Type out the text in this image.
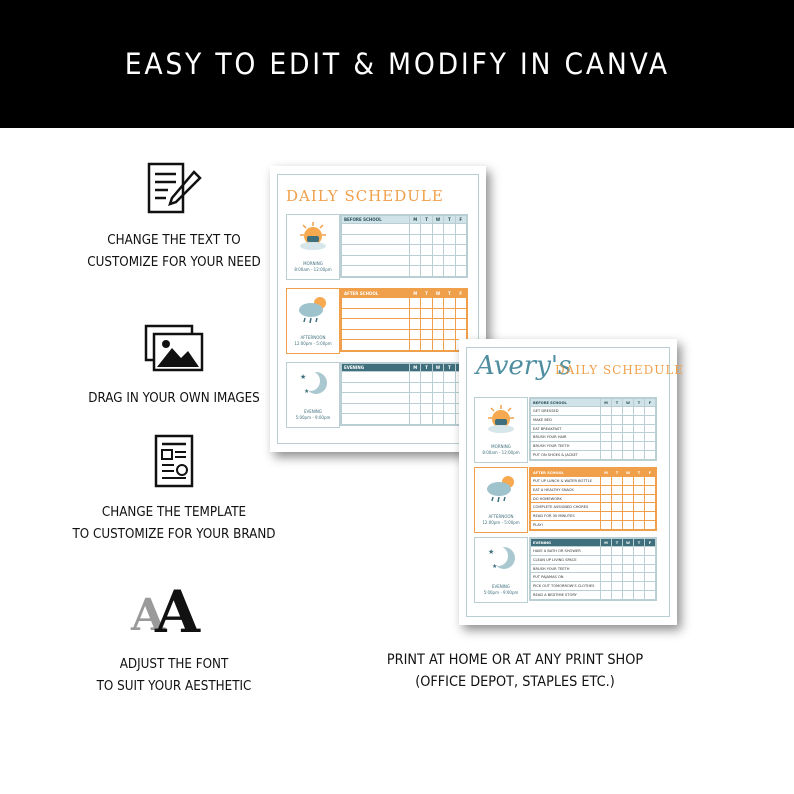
EASY TO EDIT & MODIFY IN CANVA
CHANGE THE TEXT TO
CUSTOMIZE FOR YOUR NEED
DRAG IN YOUR OWN IMAGES
CHANGE THE TEMPLATE
TO CUSTOMIZE FOR YOUR BRAND
A
A
ADJUST THE FONT
TO SUIT YOUR AESTHETIC
PRINT AT HOME OR AT ANY PRINT SHOP
(OFFICE DEPOT, STAPLES ETC.)
DAILY SCHEDULE
MORNING
8:00am - 12:00pm
BEFORE SCHOOL	M	T	W	T	F

AFTERNOON
12:00pm - 5:00pm
AFTER SCHOOL	M	T	W	T	F

★
★
EVENING
5:00pm - 9:00pm
EVENING	M	T	W	T	

					Avery's
DAILY SCHEDULE
MORNING
8:00am - 12:00pm
BEFORE SCHOOL	M	T	W	T	F
GET DRESSED					
MAKE BED					
EAT BREAKFAST					
BRUSH YOUR HAIR					
BRUSH YOUR TEETH					
PUT ON SHOES & JACKET					
AFTERNOON
12:00pm - 5:00pm
AFTER SCHOOL	M	T	W	T	F
PUT UP LUNCH & WATER BOTTLE					
EAT A HEALTHY SNACK					
DO HOMEWORK					
COMPLETE ASSIGNED CHORES					
READ FOR 30 MINUTES					
PLAY!					
★
★
EVENING
5:00pm - 9:00pm
EVENING	M	T	W	T	F
HAVE A BATH OR SHOWER					
CLEAN UP LIVING SPACE					
BRUSH YOUR TEETH					
PUT PAJAMAS ON					
PICK OUT TOMORROW'S CLOTHES					
READ A BEDTIME STORY					
